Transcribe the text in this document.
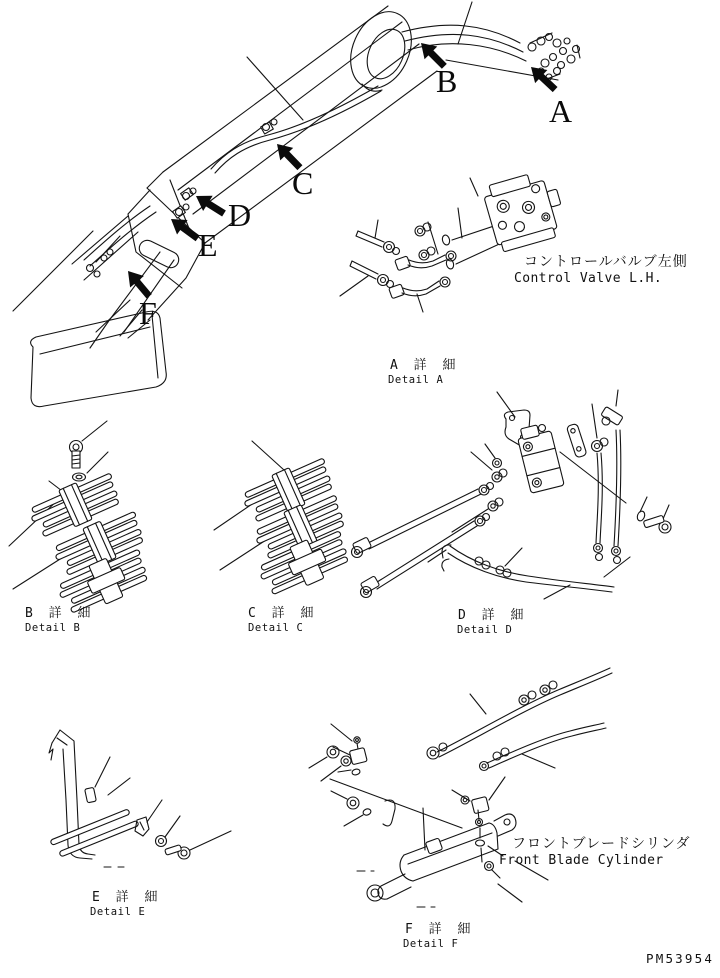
A
B
C
D
E
F
コントロールバルブ左側
Control Valve L.H.
フロントブレードシリンダ
Front Blade Cylinder
A 詳 細
Detail A
B 詳 細
Detail B
C 詳 細
Detail C
D 詳 細
Detail D
E 詳 細
Detail E
F 詳 細
Detail F
PM53954
